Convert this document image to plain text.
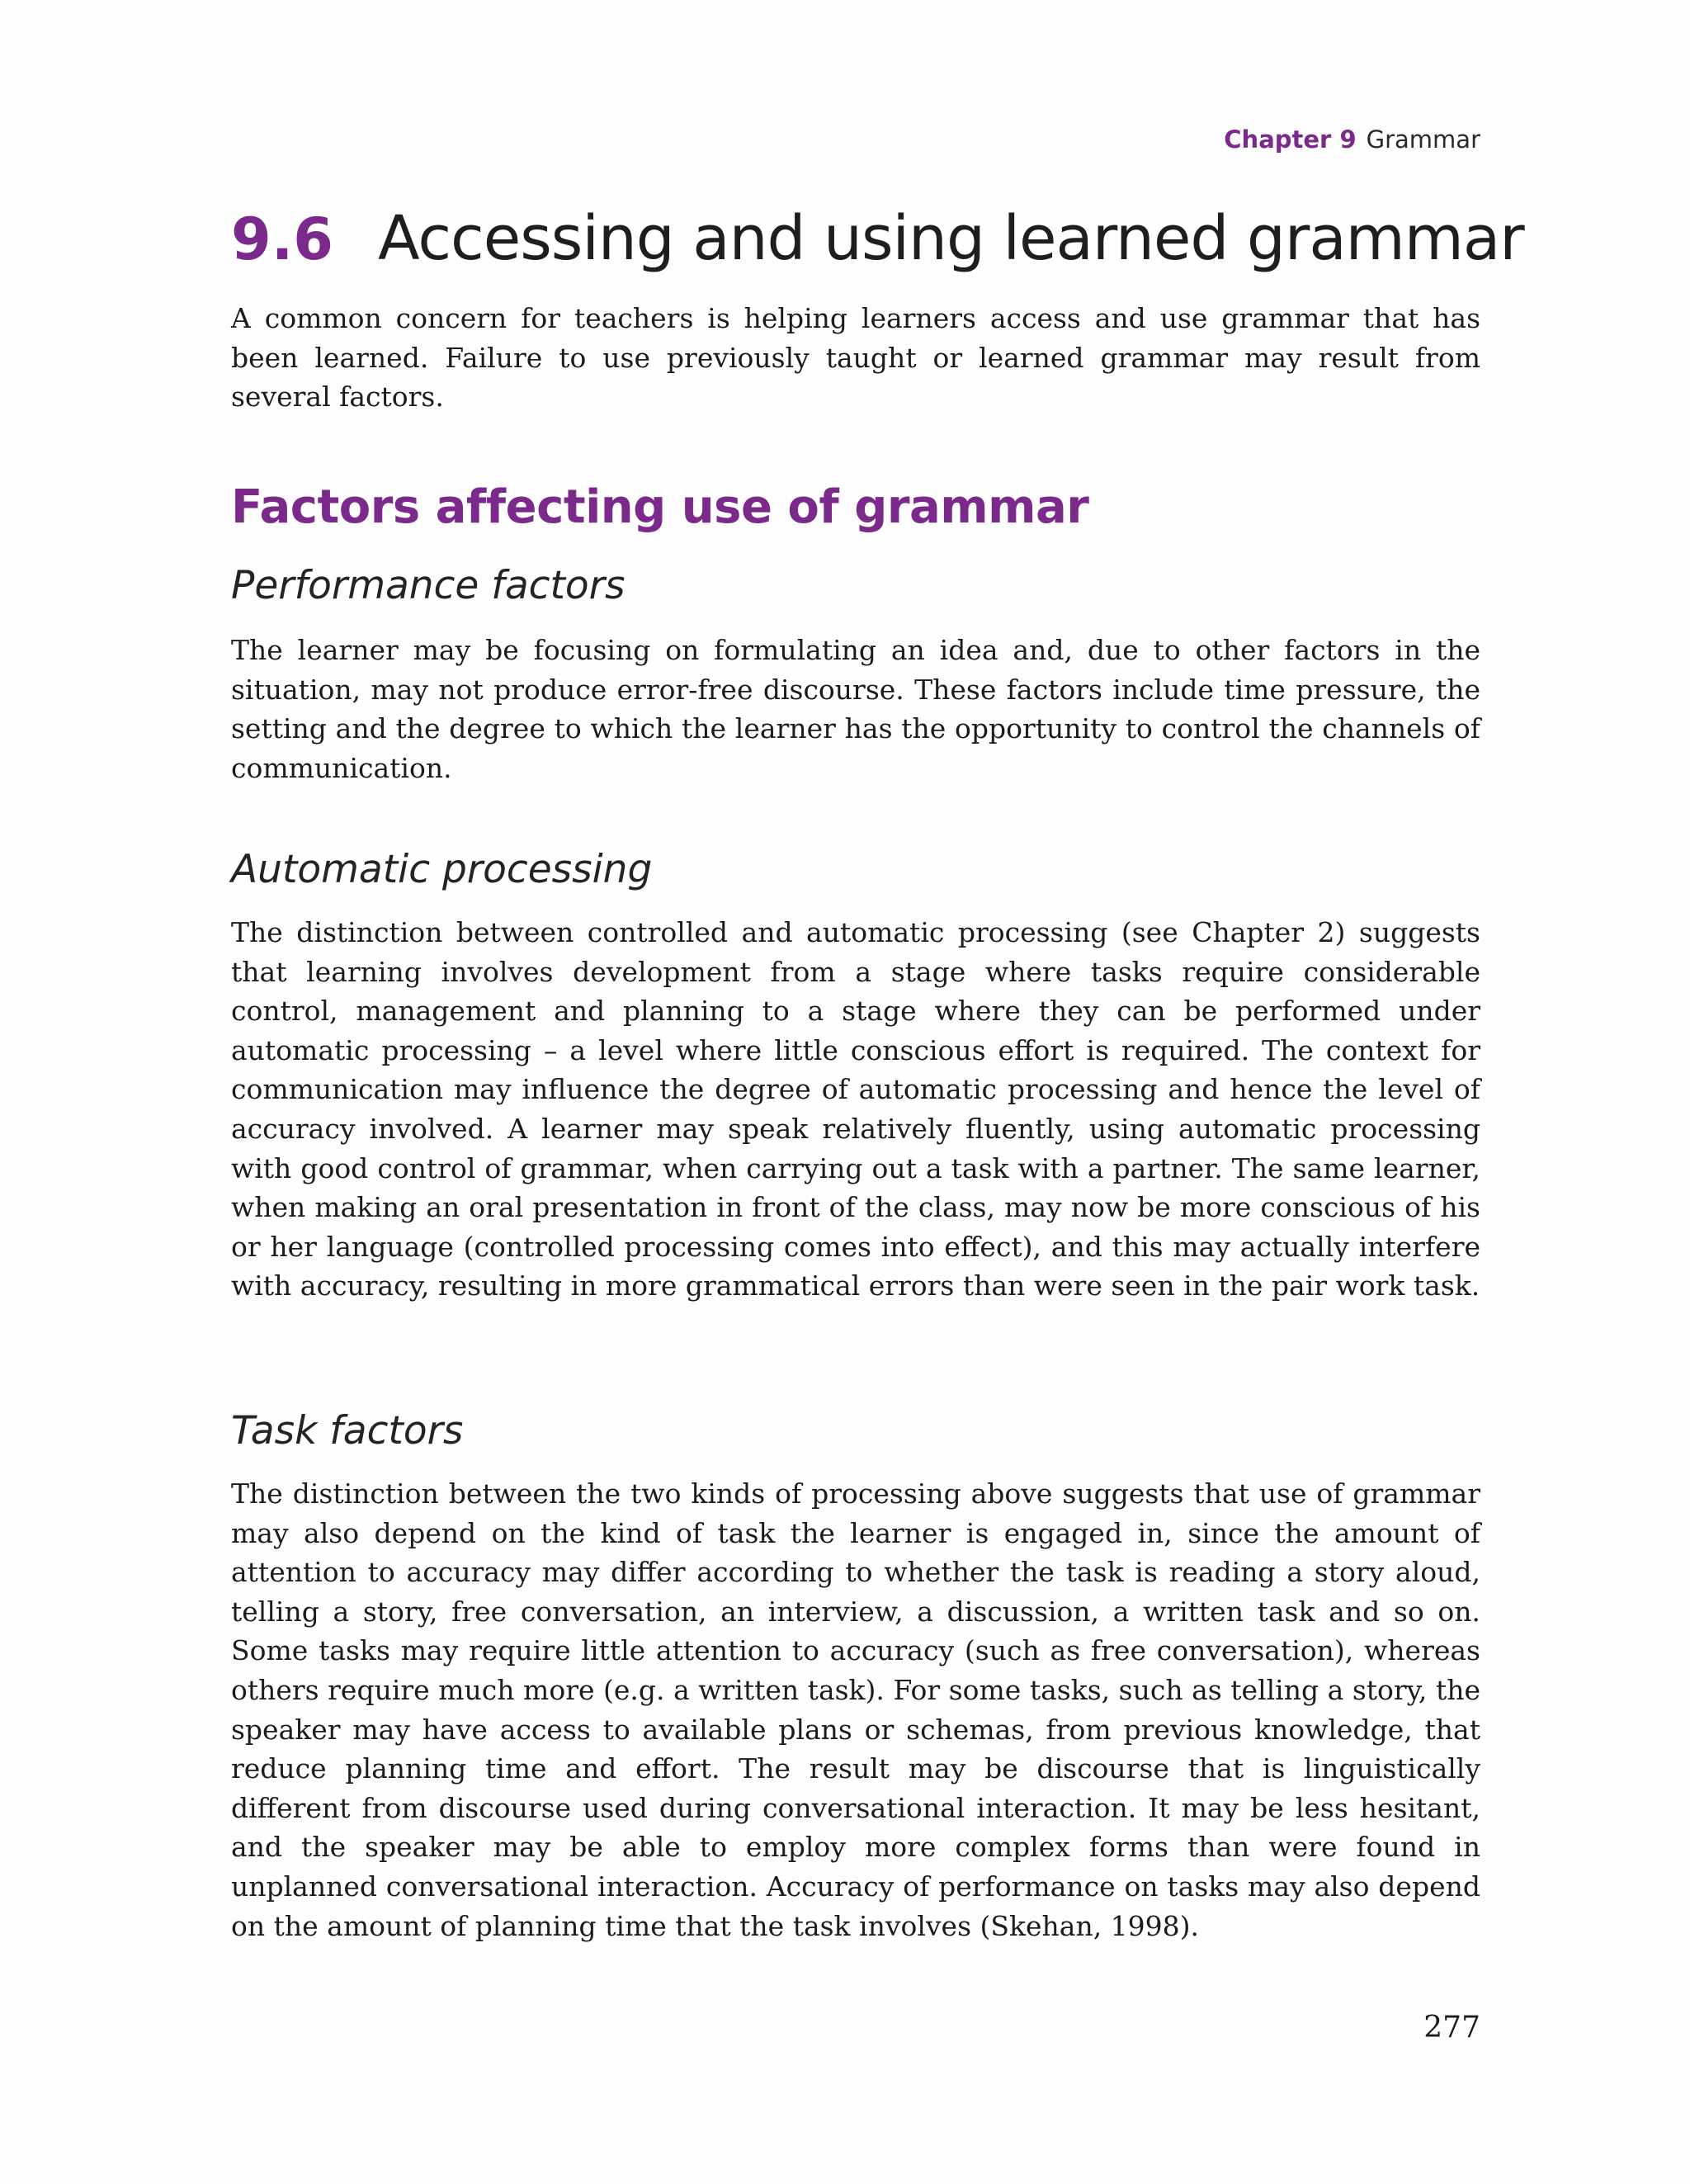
Chapter 9 Grammar
9.6 Accessing and using learned grammar

A common concern for teachers is helping learners access and use grammar that has been learned. Failure to use previously taught or learned grammar may result from several factors.

Factors affecting use of grammar
Performance factors

The learner may be focusing on formulating an idea and, due to other factors in the situation, may not produce error-free discourse. These factors include time pressure, the setting and the degree to which the learner has the opportunity to control the channels of communication.

Automatic processing

The distinction between controlled and automatic processing (see Chapter 2) suggests that learning involves development from a stage where tasks require considerable control, management and planning to a stage where they can be performed under automatic processing – a level where little conscious effort is required. The context for communication may influence the degree of automatic processing and hence the level of accuracy involved. A learner may speak relatively fluently, using automatic processing with good control of grammar, when carrying out a task with a partner. The same learner, when making an oral presentation in front of the class, may now be more conscious of his or her language (controlled processing comes into effect), and this may actually interfere with accuracy, resulting in more grammatical errors than were seen in the pair work task.

Task factors

The distinction between the two kinds of processing above suggests that use of grammar may also depend on the kind of task the learner is engaged in, since the amount of attention to accuracy may differ according to whether the task is reading a story aloud, telling a story, free conversation, an interview, a discussion, a written task and so on. Some tasks may require little attention to accuracy (such as free conversation), whereas others require much more (e.g. a written task). For some tasks, such as telling a story, the speaker may have access to available plans or schemas, from previous knowledge, that reduce planning time and effort. The result may be discourse that is linguistically different from discourse used during conversational interaction. It may be less hesitant, and the speaker may be able to employ more complex forms than were found in unplanned conversational interaction. Accuracy of performance on tasks may also depend on the amount of planning time that the task involves (Skehan, 1998).

277
